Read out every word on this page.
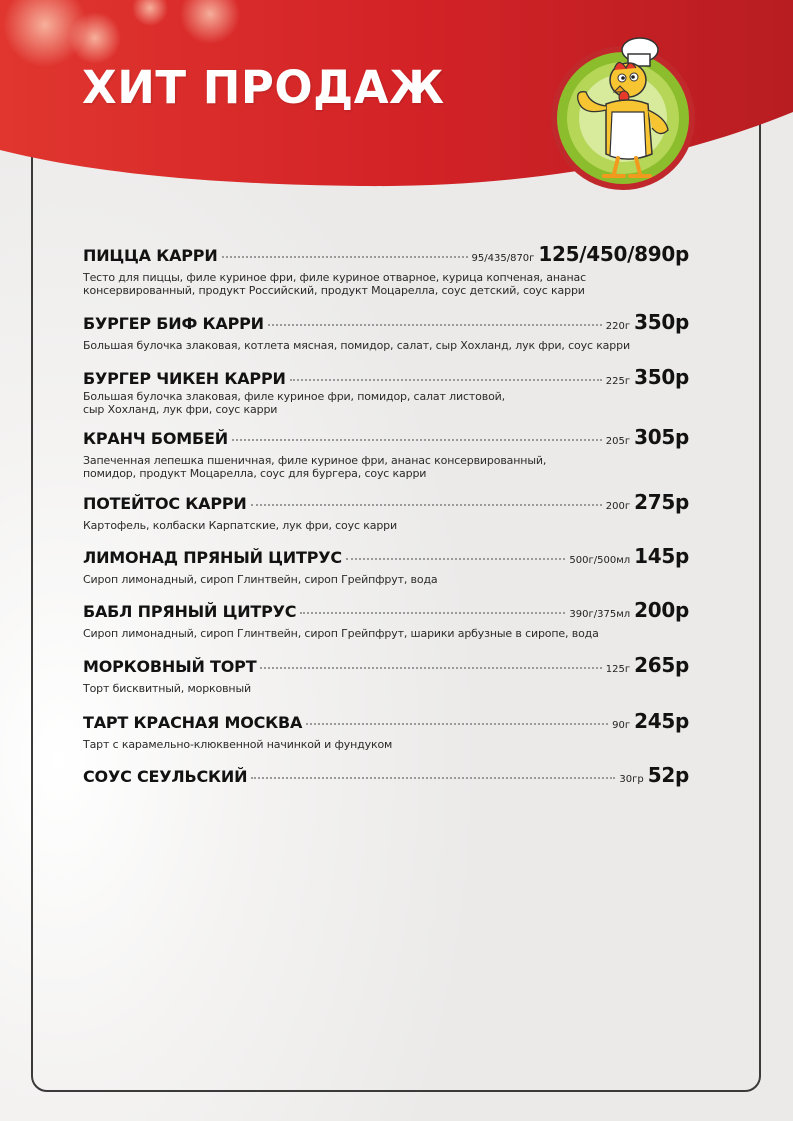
ХИТ ПРОДАЖ
ПИЦЦА КАРРИ	95/435/870г 125/450/890р
Тесто для пиццы, филе куриное фри, филе куриное отварное, курица копченая, ананас консервированный, продукт Российский, продукт Моцарелла, соус детский, соус карри
БУРГЕР БИФ КАРРИ	220г 350р
Большая булочка злаковая, котлета мясная, помидор, салат, сыр Хохланд, лук фри, соус карри
БУРГЕР ЧИКЕН КАРРИ	225г 350р
Большая булочка злаковая, филе куриное фри, помидор, салат листовой, сыр Хохланд, лук фри, соус карри
КРАНЧ БОМБЕЙ	205г 305р
Запеченная лепешка пшеничная, филе куриное фри, ананас консервированный, помидор, продукт Моцарелла, соус для бургера, соус карри
ПОТЕЙТОС КАРРИ	200г 275р
Картофель, колбаски Карпатские, лук фри, соус карри
ЛИМОНАД ПРЯНЫЙ ЦИТРУС	500г/500мл 145р
Сироп лимонадный, сироп Глинтвейн, сироп Грейпфрут, вода
БАБЛ ПРЯНЫЙ ЦИТРУС	390г/375мл 200р
Сироп лимонадный, сироп Глинтвейн, сироп Грейпфрут, шарики арбузные в сиропе, вода
МОРКОВНЫЙ ТОРТ	125г 265р
Торт бисквитный, морковный
ТАРТ КРАСНАЯ МОСКВА	90г 245р
Тарт с карамельно-клюквенной начинкой и фундуком
СОУС СЕУЛЬСКИЙ	30гр 52р
